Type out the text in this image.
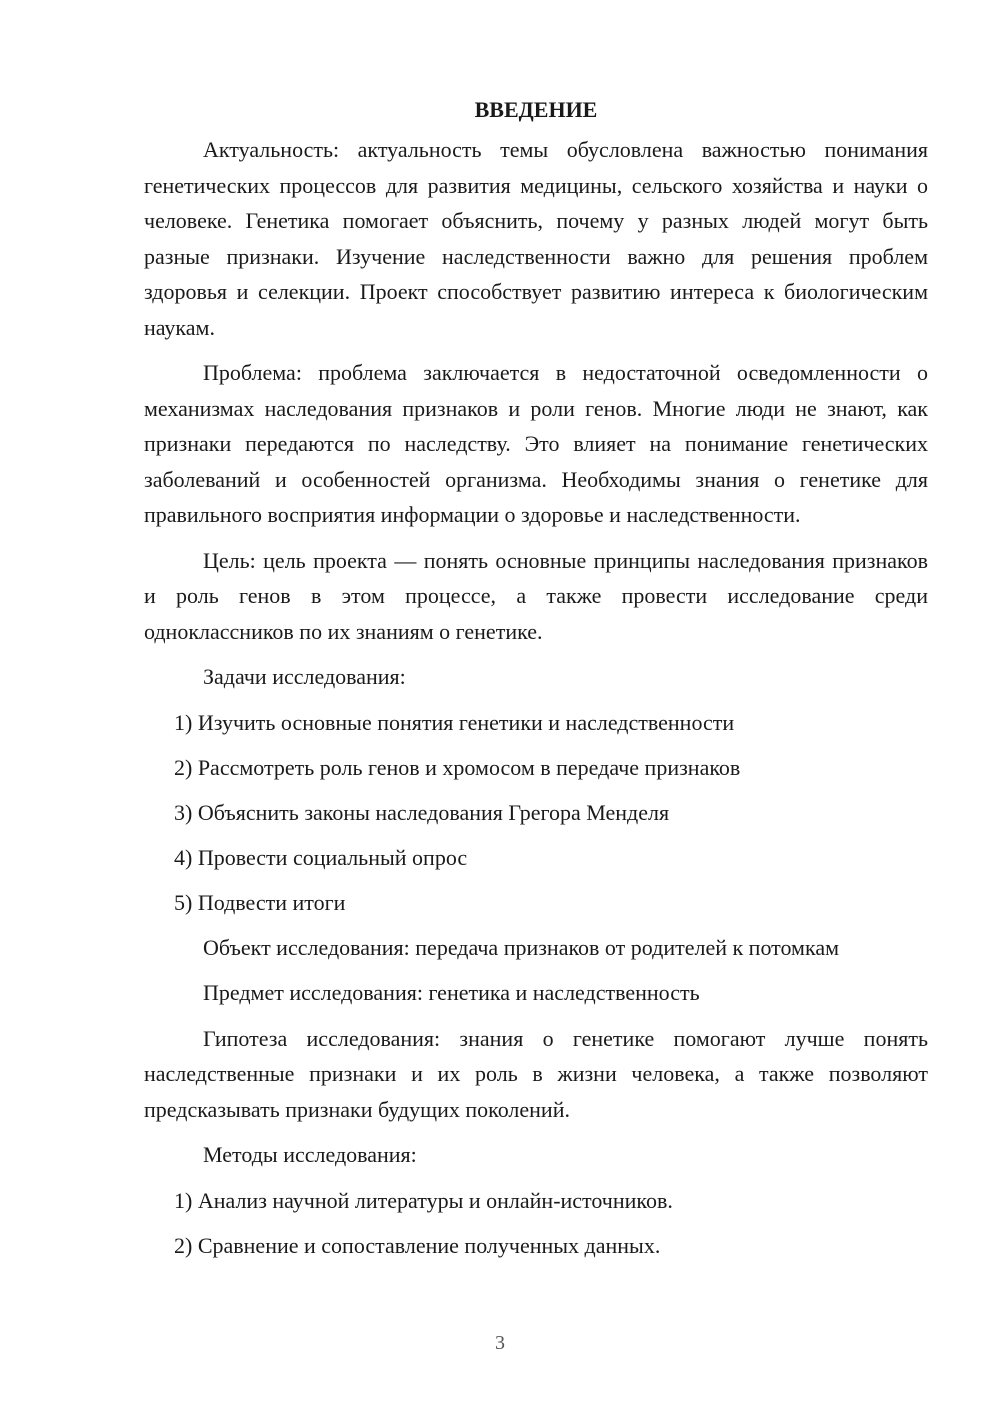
ВВЕДЕНИЕ

Актуальность: актуальность темы обусловлена важностью понимания генетических процессов для развития медицины, сельского хозяйства и науки о человеке. Генетика помогает объяснить, почему у разных людей могут быть разные признаки. Изучение наследственности важно для решения проблем здоровья и селекции. Проект способствует развитию интереса к биологическим наукам.

Проблема: проблема заключается в недостаточной осведомленности о механизмах наследования признаков и роли генов. Многие люди не знают, как признаки передаются по наследству. Это влияет на понимание генетических заболеваний и особенностей организма. Необходимы знания о генетике для правильного восприятия информации о здоровье и наследственности.

Цель: цель проекта — понять основные принципы наследования признаков и роль генов в этом процессе, а также провести исследование среди одноклассников по их знаниям о генетике.

Задачи исследования:

1) Изучить основные понятия генетики и наследственности

2) Рассмотреть роль генов и хромосом в передаче признаков

3) Объяснить законы наследования Грегора Менделя

4) Провести социальный опрос

5) Подвести итоги

Объект исследования: передача признаков от родителей к потомкам

Предмет исследования: генетика и наследственность

Гипотеза исследования: знания о генетике помогают лучше понять наследственные признаки и их роль в жизни человека, а также позволяют предсказывать признаки будущих поколений.

Методы исследования:

1) Анализ научной литературы и онлайн-источников.

2) Сравнение и сопоставление полученных данных.

3
